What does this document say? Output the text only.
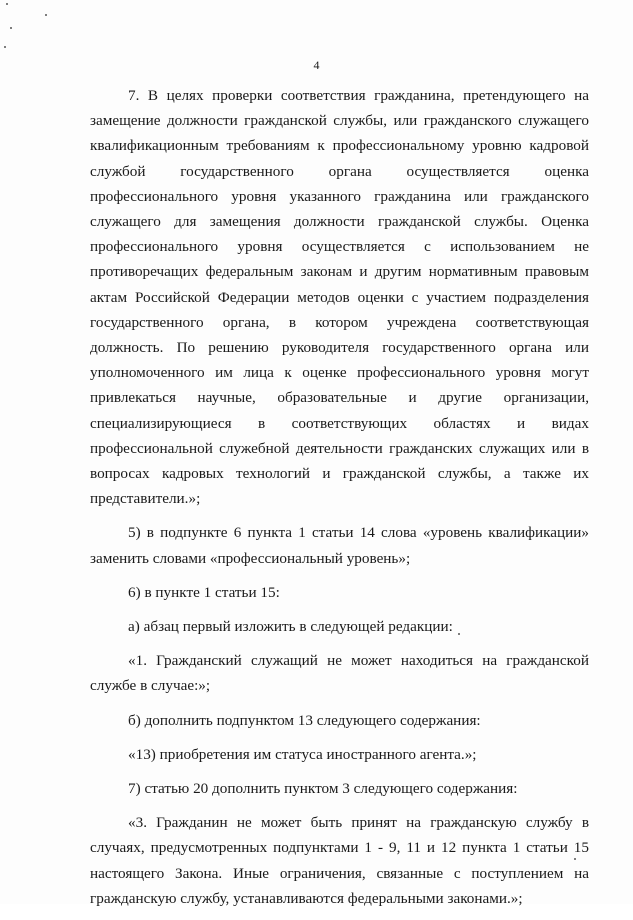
4

7. В целях проверки соответствия гражданина, претендующего на замещение должности гражданской службы, или гражданского служащего квалификационным требованиям к профессиональному уровню кадровой службой государственного органа осуществляется оценка профессионального уровня указанного гражданина или гражданского служащего для замещения должности гражданской службы. Оценка профессионального уровня осуществляется с использованием не противоречащих федеральным законам и другим нормативным правовым актам Российской Федерации методов оценки с участием подразделения государственного органа, в котором учреждена соответствующая должность. По решению руководителя государственного органа или уполномоченного им лица к оценке профессионального уровня могут привлекаться научные, образовательные и другие организации, специализирующиеся в соответствующих областях и видах профессиональной служебной деятельности гражданских служащих или в вопросах кадровых технологий и гражданской службы, а также их представители.»;

5) в подпункте 6 пункта 1 статьи 14 слова «уровень квалификации» заменить словами «профессиональный уровень»;

6) в пункте 1 статьи 15:

а) абзац первый изложить в следующей редакции:

«1. Гражданский служащий не может находиться на гражданской службе в случае:»;

б) дополнить подпунктом 13 следующего содержания:

«13) приобретения им статуса иностранного агента.»;

7) статью 20 дополнить пунктом 3 следующего содержания:

«3. Гражданин не может быть принят на гражданскую службу в случаях, предусмотренных подпунктами 1 - 9, 11 и 12 пункта 1 статьи 15 настоящего Закона. Иные ограничения, связанные с поступлением на гражданскую службу, устанавливаются федеральными законами.»;
